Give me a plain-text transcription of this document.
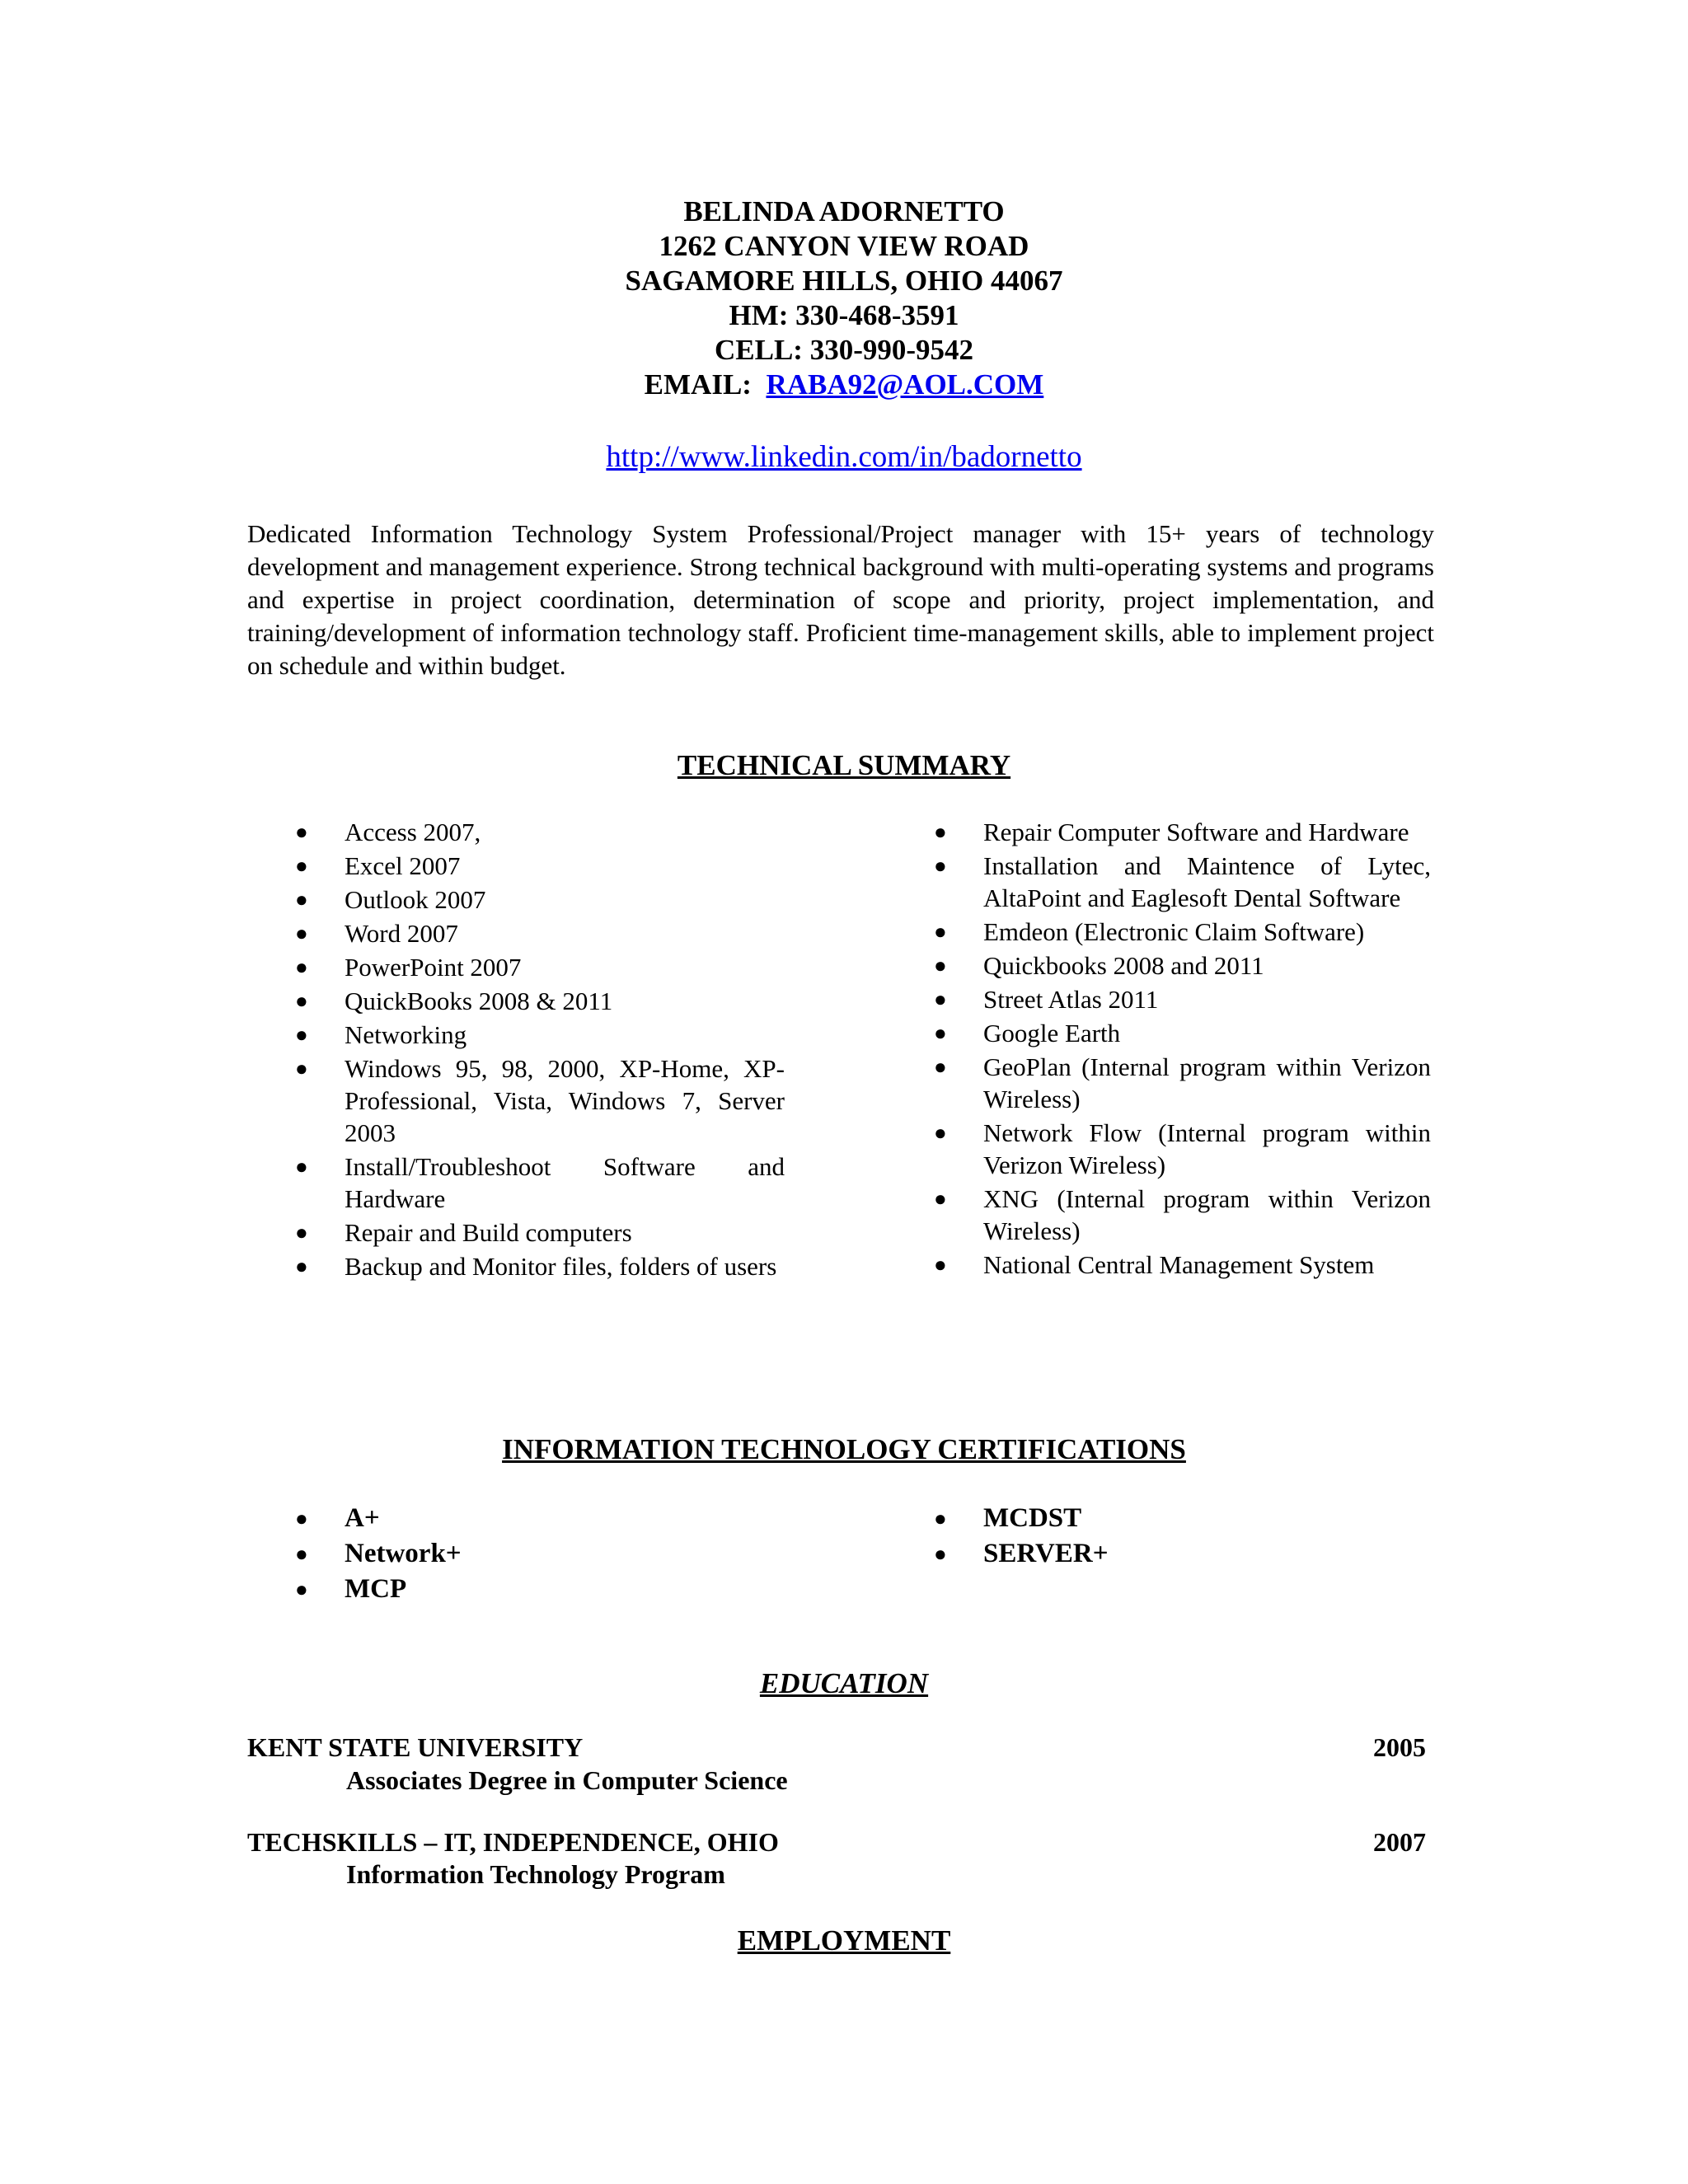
BELINDA ADORNETTO
1262 CANYON VIEW ROAD
SAGAMORE HILLS, OHIO 44067
HM: 330-468-3591
CELL: 330-990-9542
EMAIL: RABA92@AOL.COM
http://www.linkedin.com/in/badornetto
Dedicated Information Technology System Professional/Project manager with 15+ years of technology development and management experience. Strong technical background with multi-operating systems and programs and expertise in project coordination, determination of scope and priority, project implementation, and training/development of information technology staff. Proficient time-management skills, able to implement project on schedule and within budget.
TECHNICAL SUMMARY
● Access 2007,
● Excel 2007
● Outlook 2007
● Word 2007
● PowerPoint 2007
● QuickBooks 2008 & 2011
● Networking
● Windows 95, 98, 2000, XP-Home, XP-Professional, Vista, Windows 7, Server 2003
● Install/Troubleshoot Software and Hardware
● Repair and Build computers
● Backup and Monitor files, folders of users
● Repair Computer Software and Hardware
● Installation and Maintence of Lytec, AltaPoint and Eaglesoft Dental Software
● Emdeon (Electronic Claim Software)
● Quickbooks 2008 and 2011
● Street Atlas 2011
● Google Earth
● GeoPlan (Internal program within Verizon Wireless)
● Network Flow (Internal program within Verizon Wireless)
● XNG (Internal program within Verizon Wireless)
● National Central Management System
INFORMATION TECHNOLOGY CERTIFICATIONS
● A+
● Network+
● MCP
● MCDST
● SERVER+
EDUCATION
KENT STATE UNIVERSITY	2005
Associates Degree in Computer Science
TECHSKILLS – IT, INDEPENDENCE, OHIO	2007
Information Technology Program
EMPLOYMENT
